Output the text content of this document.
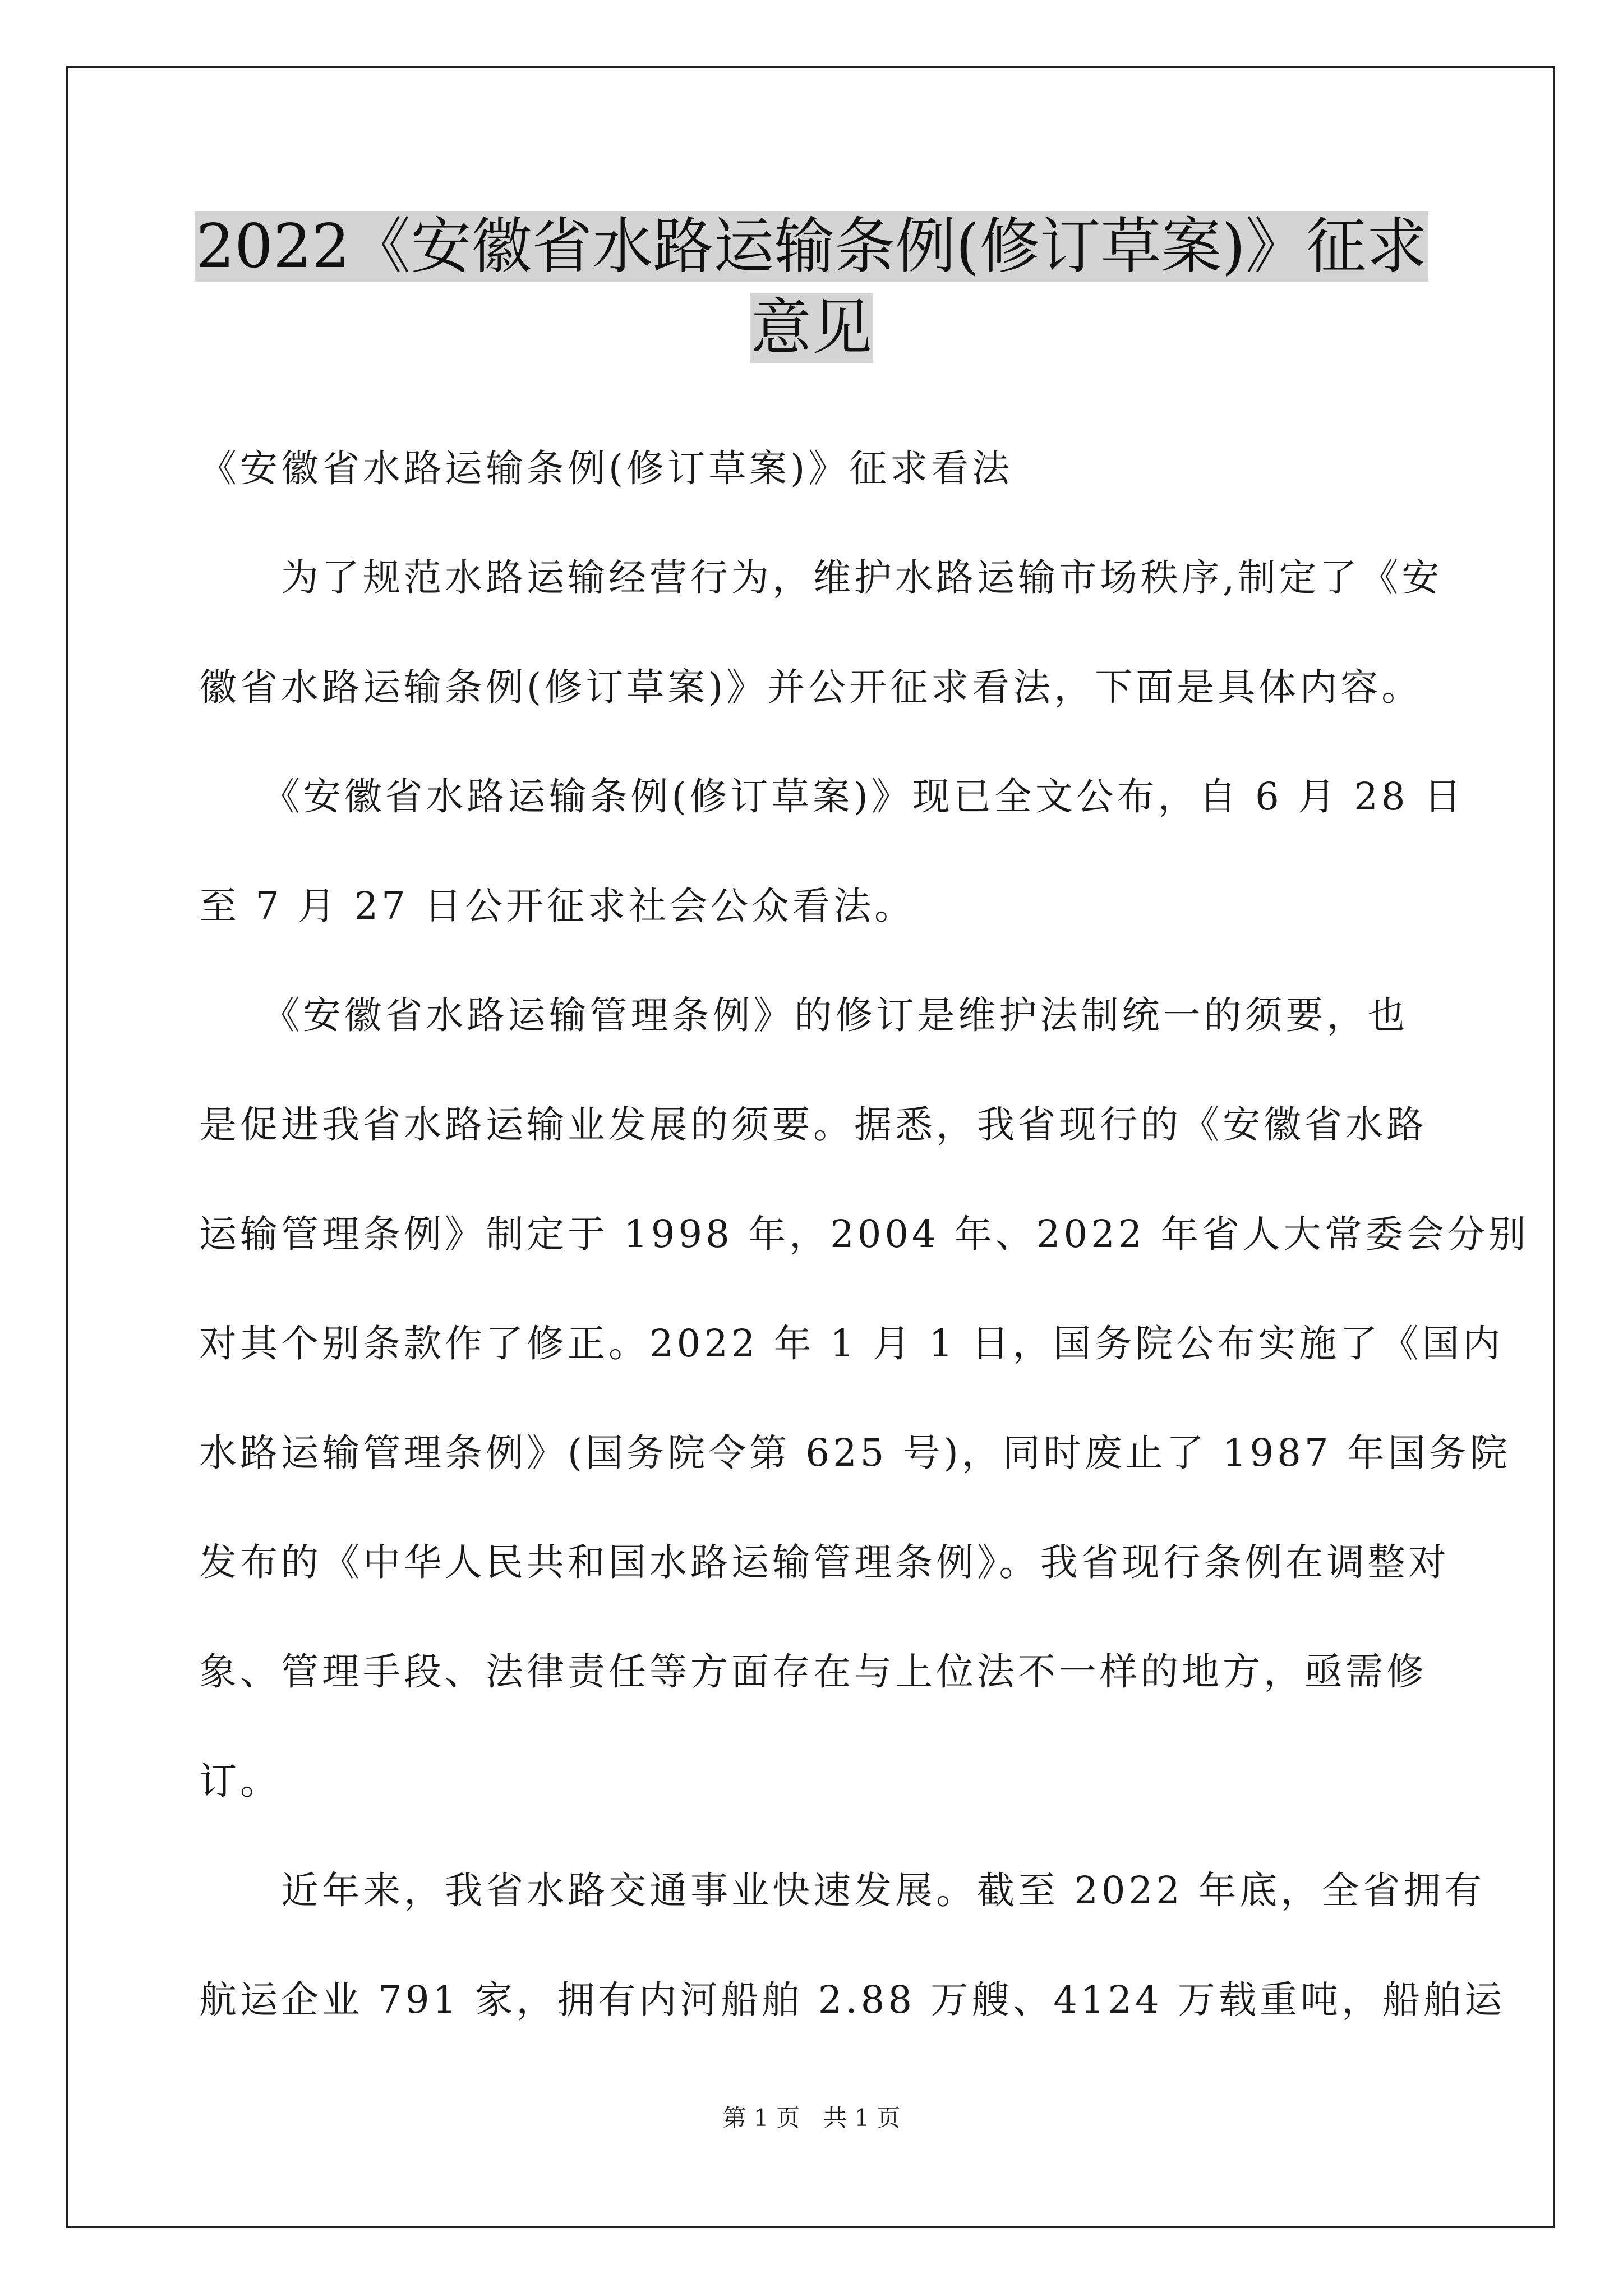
2022《安徽省水路运输条例(修订草案)》征求
意见
《安徽省水路运输条例(修订草案)》征求看法
　　为了规范水路运输经营行为，维护水路运输市场秩序,制定了《安
徽省水路运输条例(修订草案)》并公开征求看法，下面是具体内容。
　　《安徽省水路运输条例(修订草案)》现已全文公布，自 6 月 28 日
至 7 月 27 日公开征求社会公众看法。
　　《安徽省水路运输管理条例》的修订是维护法制统一的须要，也
是促进我省水路运输业发展的须要。据悉，我省现行的《安徽省水路
运输管理条例》制定于 1998 年，2004 年、2022 年省人大常委会分别
对其个别条款作了修正。2022 年 1 月 1 日，国务院公布实施了《国内
水路运输管理条例》(国务院令第 625 号)，同时废止了 1987 年国务院
发布的《中华人民共和国水路运输管理条例》。我省现行条例在调整对
象、管理手段、法律责任等方面存在与上位法不一样的地方，亟需修
订。
　　近年来，我省水路交通事业快速发展。截至 2022 年底，全省拥有
航运企业 791 家，拥有内河船舶 2.88 万艘、4124 万载重吨，船舶运
第 1 页　共 1 页
